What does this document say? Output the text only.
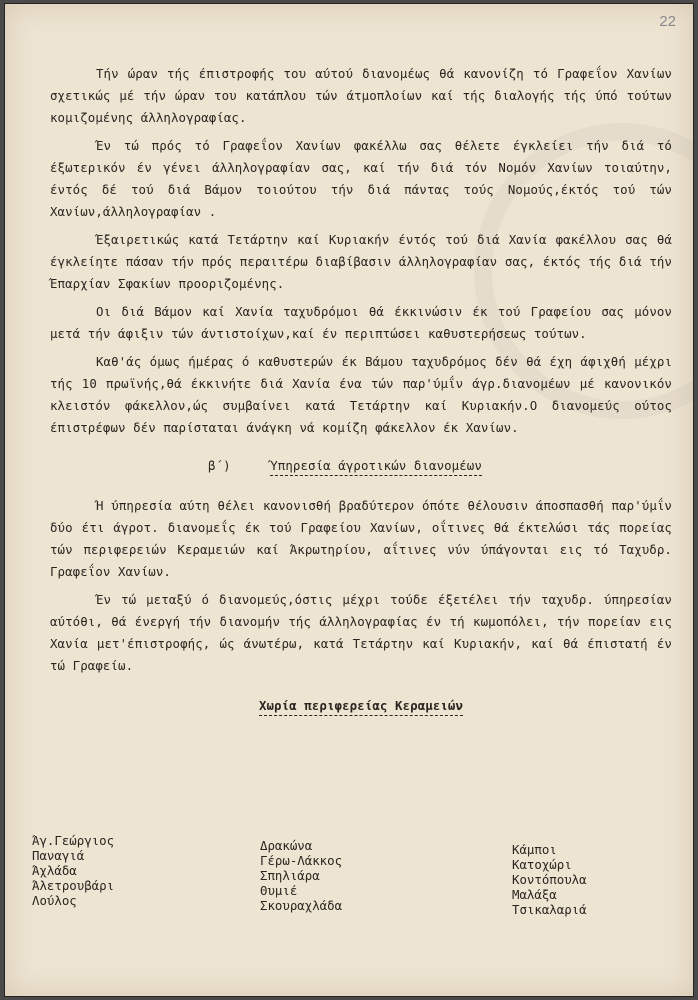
22

Τήν ώραν τής έπιστροφής του αύτού διανομέως θά κανονίζη τό Γραφεΐον Χανίων σχετικώς μέ τήν ώραν του κατάπλου τών άτμοπλοίων καί τής διαλογής τής ύπό τούτων κομιζομένης άλληλογραφίας.

Έν τώ πρός τό Γραφεΐον Χανίων φακέλλω σας θέλετε έγκλείει τήν διά τό έξωτερικόν έν γένει άλληλογραφίαν σας, καί τήν διά τόν Νομόν Χανίων τοιαύτην, έντός δέ τού διά Βάμον τοιούτου τήν διά πάντας τούς Νομούς,έκτός τού τών Χανίων,άλληλογραφίαν .

Έξαιρετικώς κατά Τετάρτην καί Κυριακήν έντός τού διά Χανία φακέλλου σας θά έγκλείητε πάσαν τήν πρός περαιτέρω διαβίβασιν άλληλογραφίαν σας, έκτός τής διά τήν Έπαρχίαν Σφακίων προοριζομένης.

Οι διά Βάμον καί Χανία ταχυδρόμοι θά έκκινώσιν έκ τού Γραφείου σας μόνον μετά τήν άφιξιν τών άντιστοίχων,καί έν περιπτώσει καθυστερήσεως τούτων.

Καθ'άς όμως ήμέρας ό καθυστερών έκ Βάμου ταχυδρόμος δέν θά έχη άφιχθή μέχρι τής 10 πρωϊνής,θά έκκινήτε διά Χανία ένα τών παρ'ύμΐν άγρ.διανομέων μέ κανονικόν κλειστόν φάκελλον,ώς συμβαίνει κατά Τετάρτην καί Κυριακήν.Ο διανομεύς ούτος έπιστρέφων δέν παρίσταται άνάγκη νά κομίζη φάκελλον έκ Χανίων.

β΄)	Ύπηρεσία άγροτικών διανομέων

Ή ύπηρεσία αύτη θέλει κανονισθή βραδύτερον όπότε θέλουσιν άποσπασθή παρ'ύμΐν δύο έτι άγροτ. διανομεΐς έκ τού Γραφείου Χανίων, οΐτινες θά έκτελώσι τάς πορείας τών περιφερειών Κεραμειών καί Άκρωτηρίου, αΐτινες νύν ύπάγονται εις τό Ταχυδρ. Γραφεΐον Χανίων.

Έν τώ μεταξύ ό διανομεύς,όστις μέχρι τούδε έξετέλει τήν ταχυδρ. ύπηρεσίαν αύτόθι, θά ένεργή τήν διανομήν τής άλληλογραφίας έν τή κωμοπόλει, τήν πορείαν εις Χανία μετ'έπιστροφής, ώς άνωτέρω, κατά Τετάρτην καί Κυριακήν, καί θά έπιστατή έν τώ Γραφείω.

Χωρία περιφερείας Κεραμειών
Άγ.Γεώργιος
Παναγιά
Άχλάδα
Άλετρουβάρι
Λούλος
Δρακώνα
Γέρω-Λάκκος
Σπηλιάρα
Θυμιέ
Σκουραχλάδα
Κάμποι
Κατοχώρι
Κοντόπουλα
Μαλάξα
Τσικαλαριά
